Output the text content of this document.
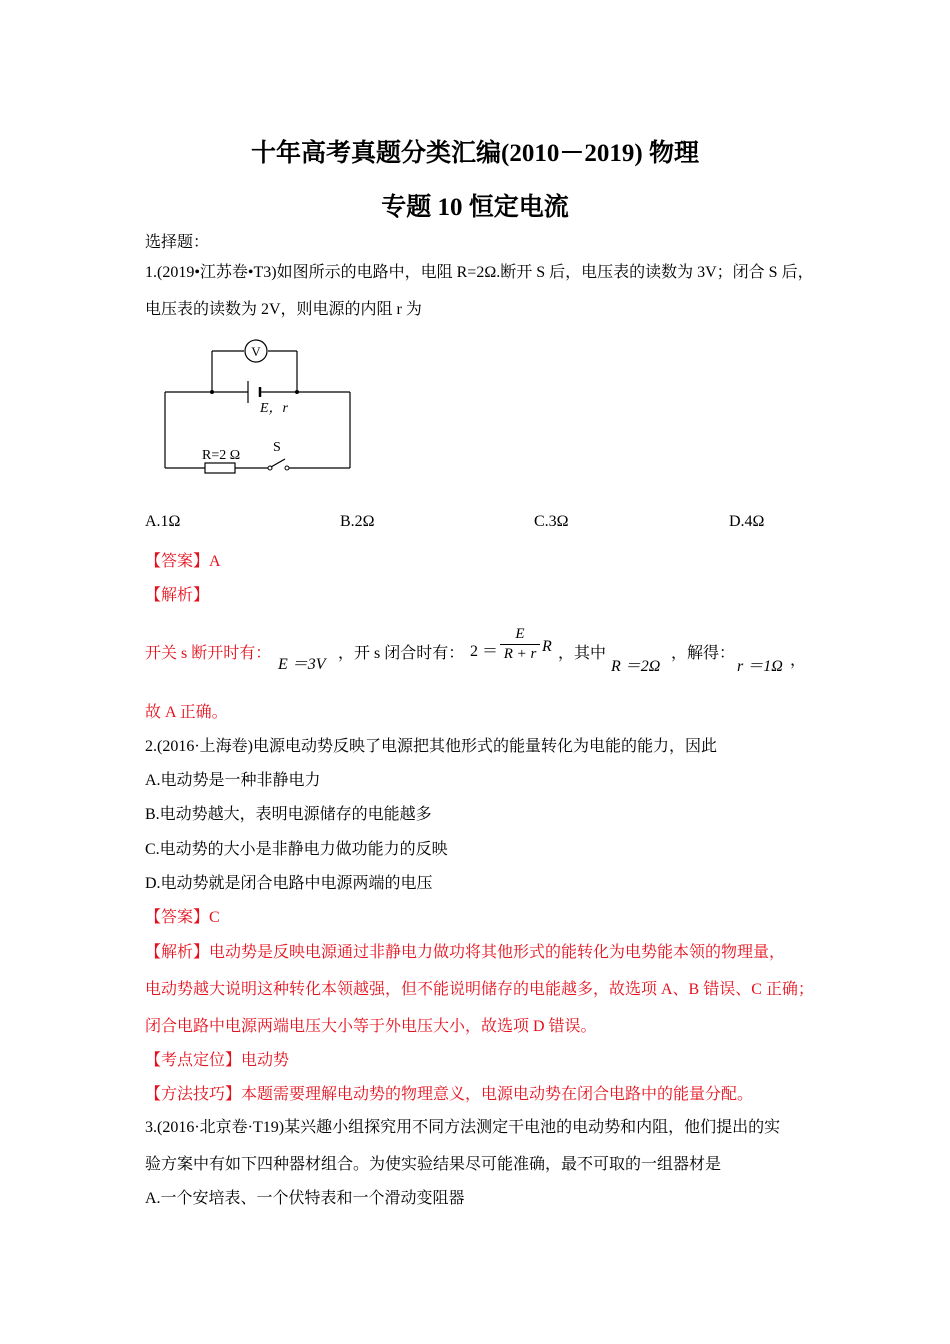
十年高考真题分类汇编(2010－2019) 物理
专题 10 恒定电流
选择题：
1.(2019•江苏卷•T3)如图所示的电路中，电阻 R=2Ω.断开 S 后，电压表的读数为 3V；闭合 S 后，
电压表的读数为 2V，则电源的内阻 r 为
V
E，r
R=2 Ω
S
A.1Ω	B.2Ω	C.3Ω	D.4Ω
【答案】A
【解析】
开关 s 断开时有：
E ＝3V
，开 s 闭合时有： 2 ＝
E
R + r R ，其中
R ＝2Ω
，解得：
r ＝1Ω ，
故 A 正确。
2.(2016·上海卷)电源电动势反映了电源把其他形式的能量转化为电能的能力，因此
A.电动势是一种非静电力
B.电动势越大，表明电源储存的电能越多
C.电动势的大小是非静电力做功能力的反映
D.电动势就是闭合电路中电源两端的电压
【答案】C
【解析】电动势是反映电源通过非静电力做功将其他形式的能转化为电势能本领的物理量，
电动势越大说明这种转化本领越强，但不能说明储存的电能越多，故选项 A、B 错误、C 正确；
闭合电路中电源两端电压大小等于外电压大小，故选项 D 错误。
【考点定位】电动势
【方法技巧】本题需要理解电动势的物理意义，电源电动势在闭合电路中的能量分配。
3.(2016·北京卷·T19)某兴趣小组探究用不同方法测定干电池的电动势和内阻，他们提出的实
验方案中有如下四种器材组合。为使实验结果尽可能准确，最不可取的一组器材是
A.一个安培表、一个伏特表和一个滑动变阻器
